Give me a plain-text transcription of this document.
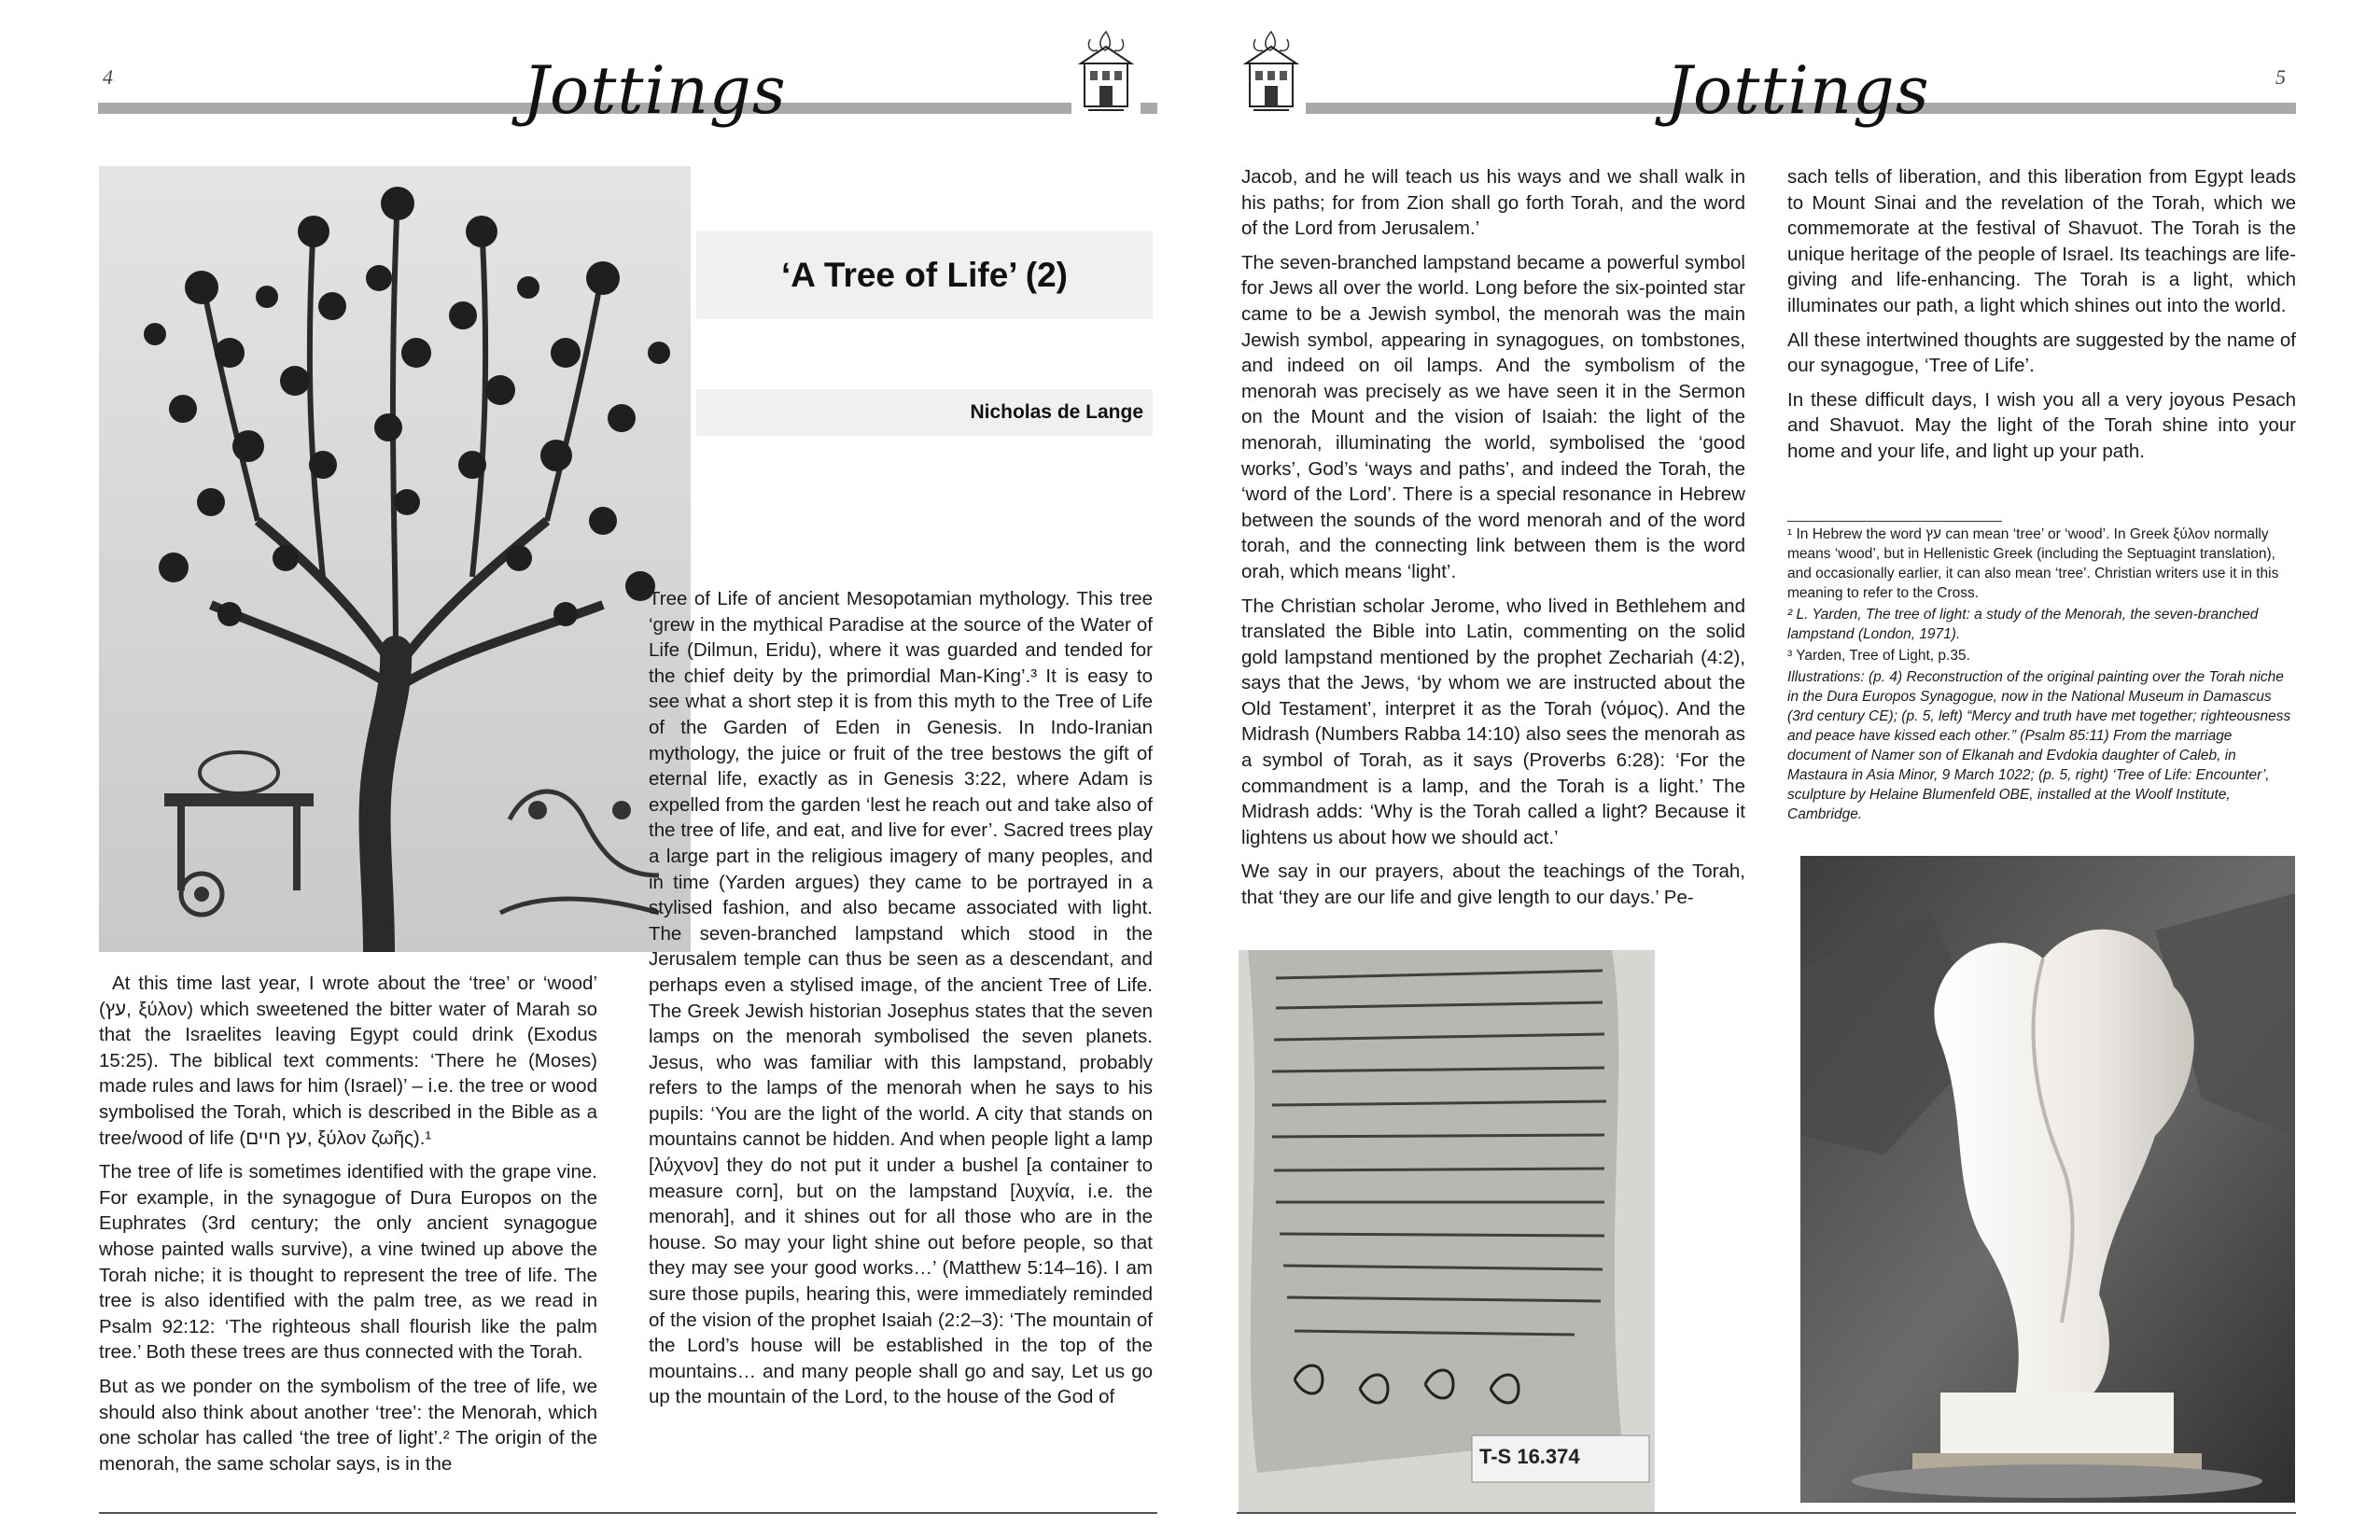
4	Jottings
‘A Tree of Life’ (2)
Nicholas de Lange

At this time last year, I wrote about the ‘tree’ or ‘wood’ (עץ, ξύλον) which sweetened the bitter water of Marah so that the Israelites leaving Egypt could drink (Exodus 15:25). The biblical text comments: ‘There he (Moses) made rules and laws for him (Israel)’ – i.e. the tree or wood symbolised the Torah, which is described in the Bible as a tree/wood of life (עץ חיים, ξύλον ζωῆς).¹

The tree of life is sometimes identified with the grape vine. For example, in the synagogue of Dura Europos on the Euphrates (3rd century; the only ancient synagogue whose painted walls survive), a vine twined up above the Torah niche; it is thought to represent the tree of life. The tree is also identified with the palm tree, as we read in Psalm 92:12: ‘The righteous shall flourish like the palm tree.’ Both these trees are thus connected with the Torah.

But as we ponder on the symbolism of the tree of life, we should also think about another ‘tree’: the Menorah, which one scholar has called ‘the tree of light’.² The origin of the menorah, the same scholar says, is in the

Tree of Life of ancient Mesopotamian mythology. This tree ‘grew in the mythical Paradise at the source of the Water of Life (Dilmun, Eridu), where it was guarded and tended for the chief deity by the primordial Man-King’.³ It is easy to see what a short step it is from this myth to the Tree of Life of the Garden of Eden in Genesis. In Indo-Iranian mythology, the juice or fruit of the tree bestows the gift of eternal life, exactly as in Genesis 3:22, where Adam is expelled from the garden ‘lest he reach out and take also of the tree of life, and eat, and live for ever’. Sacred trees play a large part in the religious imagery of many peoples, and in time (Yarden argues) they came to be portrayed in a stylised fashion, and also became associated with light. The seven-branched lampstand which stood in the Jerusalem temple can thus be seen as a descendant, and perhaps even a stylised image, of the ancient Tree of Life. The Greek Jewish historian Josephus states that the seven lamps on the menorah symbolised the seven planets. Jesus, who was familiar with this lampstand, probably refers to the lamps of the menorah when he says to his pupils: ‘You are the light of the world. A city that stands on mountains cannot be hidden. And when people light a lamp [λύχνον] they do not put it under a bushel [a container to measure corn], but on the lampstand [λυχνία, i.e. the menorah], and it shines out for all those who are in the house. So may your light shine out before people, so that they may see your good works…’ (Matthew 5:14–16). I am sure those pupils, hearing this, were immediately reminded of the vision of the prophet Isaiah (2:2–3): ‘The mountain of the Lord’s house will be established in the top of the mountains… and many people shall go and say, Let us go up the mountain of the Lord, to the house of the God of

5
Jottings

Jacob, and he will teach us his ways and we shall walk in his paths; for from Zion shall go forth Torah, and the word of the Lord from Jerusalem.’

The seven-branched lampstand became a powerful symbol for Jews all over the world. Long before the six-pointed star came to be a Jewish symbol, the menorah was the main Jewish symbol, appearing in synagogues, on tombstones, and indeed on oil lamps. And the symbolism of the menorah was precisely as we have seen it in the Sermon on the Mount and the vision of Isaiah: the light of the menorah, illuminating the world, symbolised the ‘good works’, God’s ‘ways and paths’, and indeed the Torah, the ‘word of the Lord’. There is a special resonance in Hebrew between the sounds of the word menorah and of the word torah, and the connecting link between them is the word orah, which means ‘light’.

The Christian scholar Jerome, who lived in Bethlehem and translated the Bible into Latin, commenting on the solid gold lampstand mentioned by the prophet Zechariah (4:2), says that the Jews, ‘by whom we are instructed about the Old Testament’, interpret it as the Torah (νόμος). And the Midrash (Numbers Rabba 14:10) also sees the menorah as a symbol of Torah, as it says (Proverbs 6:28): ‘For the commandment is a lamp, and the Torah is a light.’ The Midrash adds: ‘Why is the Torah called a light? Because it lightens us about how we should act.’

We say in our prayers, about the teachings of the Torah, that ‘they are our life and give length to our days.’ Pe-

sach tells of liberation, and this liberation from Egypt leads to Mount Sinai and the revelation of the Torah, which we commemorate at the festival of Shavuot. The Torah is the unique heritage of the people of Israel. Its teachings are life-giving and life-enhancing. The Torah is a light, which illuminates our path, a light which shines out into the world.

All these intertwined thoughts are suggested by the name of our synagogue, ‘Tree of Life’.

In these difficult days, I wish you all a very joyous Pesach and Shavuot. May the light of the Torah shine into your home and your life, and light up your path.

¹ In Hebrew the word עץ can mean ‘tree’ or ‘wood’. In Greek ξύλον normally means ‘wood’, but in Hellenistic Greek (including the Septuagint translation), and occasionally earlier, it can also mean ‘tree’. Christian writers use it in this meaning to refer to the Cross.

² L. Yarden, The tree of light: a study of the Menorah, the seven-branched lampstand (London, 1971).

³ Yarden, Tree of Light, p.35.

Illustrations: (p. 4) Reconstruction of the original painting over the Torah niche in the Dura Europos Synagogue, now in the National Museum in Damascus (3rd century CE); (p. 5, left) “Mercy and truth have met together; righteousness and peace have kissed each other.” (Psalm 85:11) From the marriage document of Namer son of Elkanah and Evdokia daughter of Caleb, in Mastaura in Asia Minor, 9 March 1022; (p. 5, right) ‘Tree of Life: Encounter’, sculpture by Helaine Blumenfeld OBE, installed at the Woolf Institute, Cambridge.

T-S 16.374
